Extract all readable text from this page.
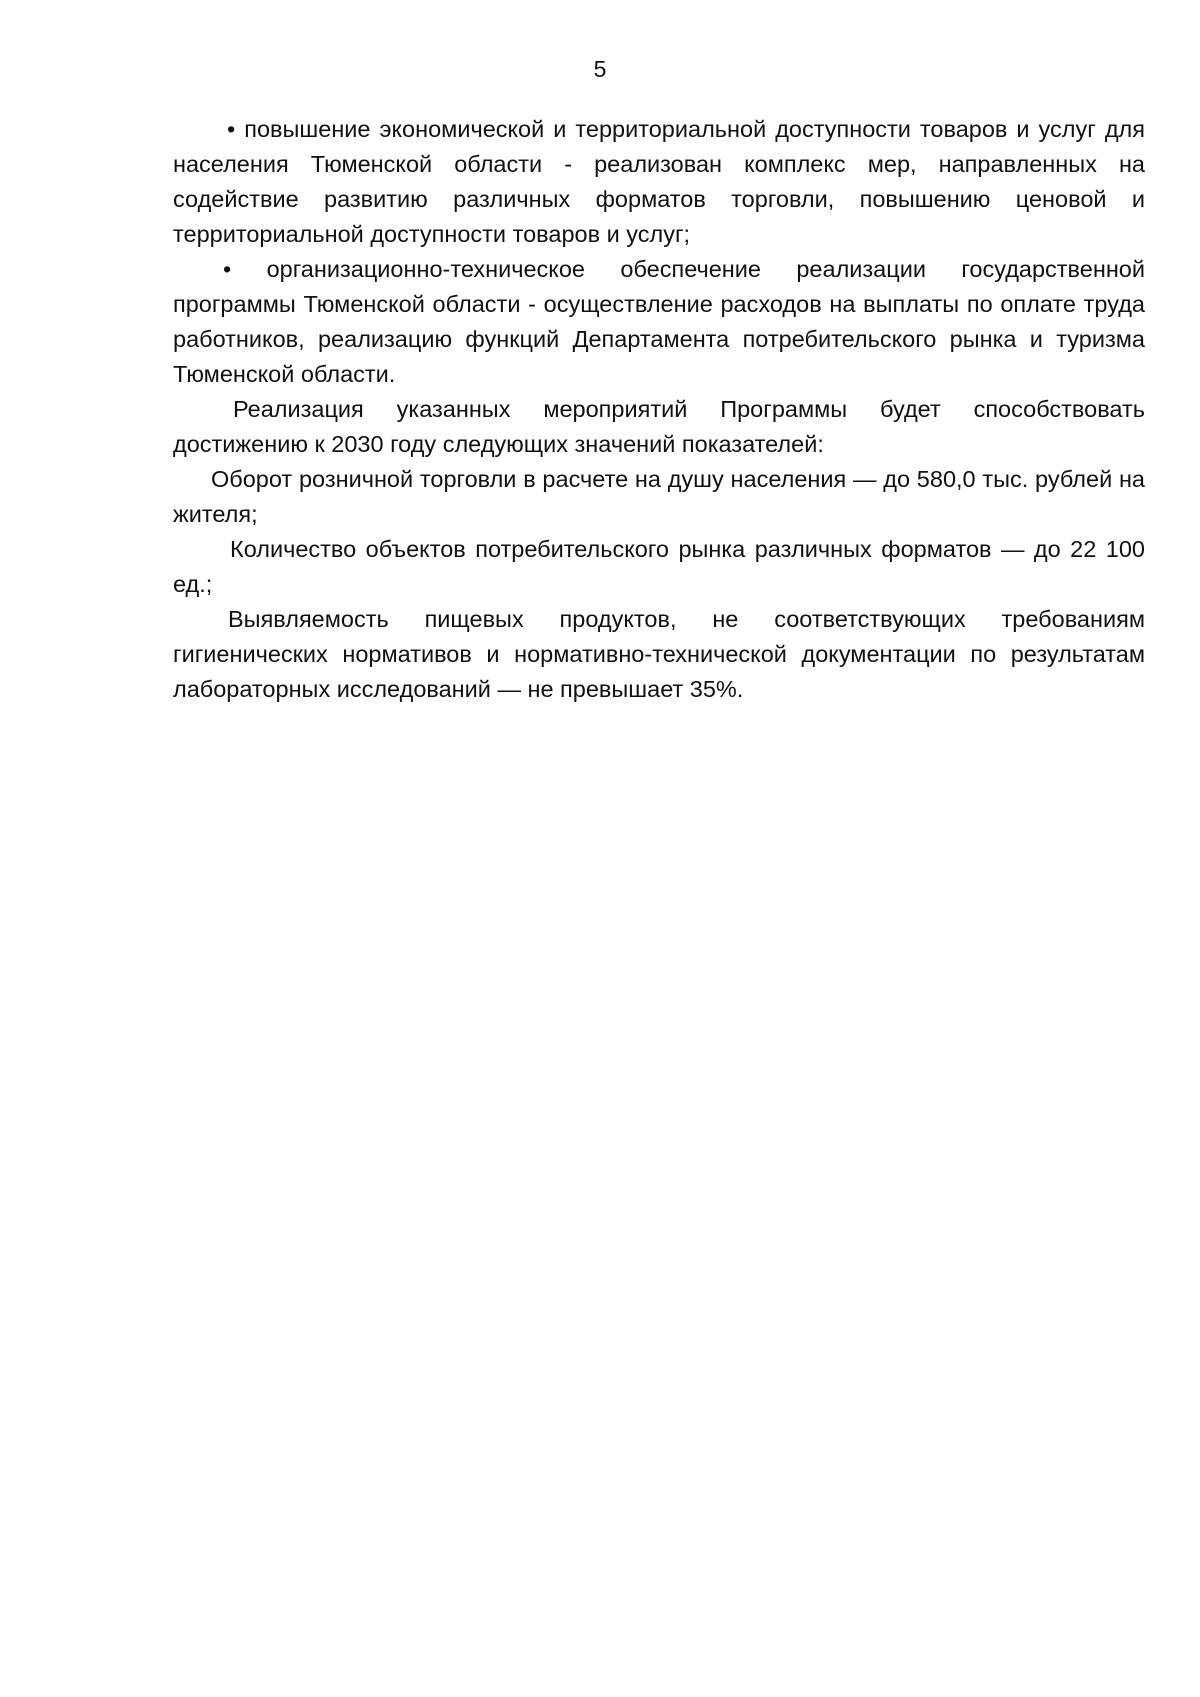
5

• повышение экономической и территориальной доступности товаров и услуг для населения Тюменской области - реализован комплекс мер, направленных на содействие развитию различных форматов торговли, повышению ценовой и территориальной доступности товаров и услуг;

• организационно-техническое обеспечение реализации государственной программы Тюменской области - осуществление расходов на выплаты по оплате труда работников, реализацию функций Департамента потребительского рынка и туризма Тюменской области.

Реализация указанных мероприятий Программы будет способствовать достижению к 2030 году следующих значений показателей:

Оборот розничной торговли в расчете на душу населения — до 580,0 тыс. рублей на жителя;

Количество объектов потребительского рынка различных форматов — до 22 100 ед.;

Выявляемость пищевых продуктов, не соответствующих требованиям гигиенических нормативов и нормативно-технической документации по результатам лабораторных исследований — не превышает 35%.
